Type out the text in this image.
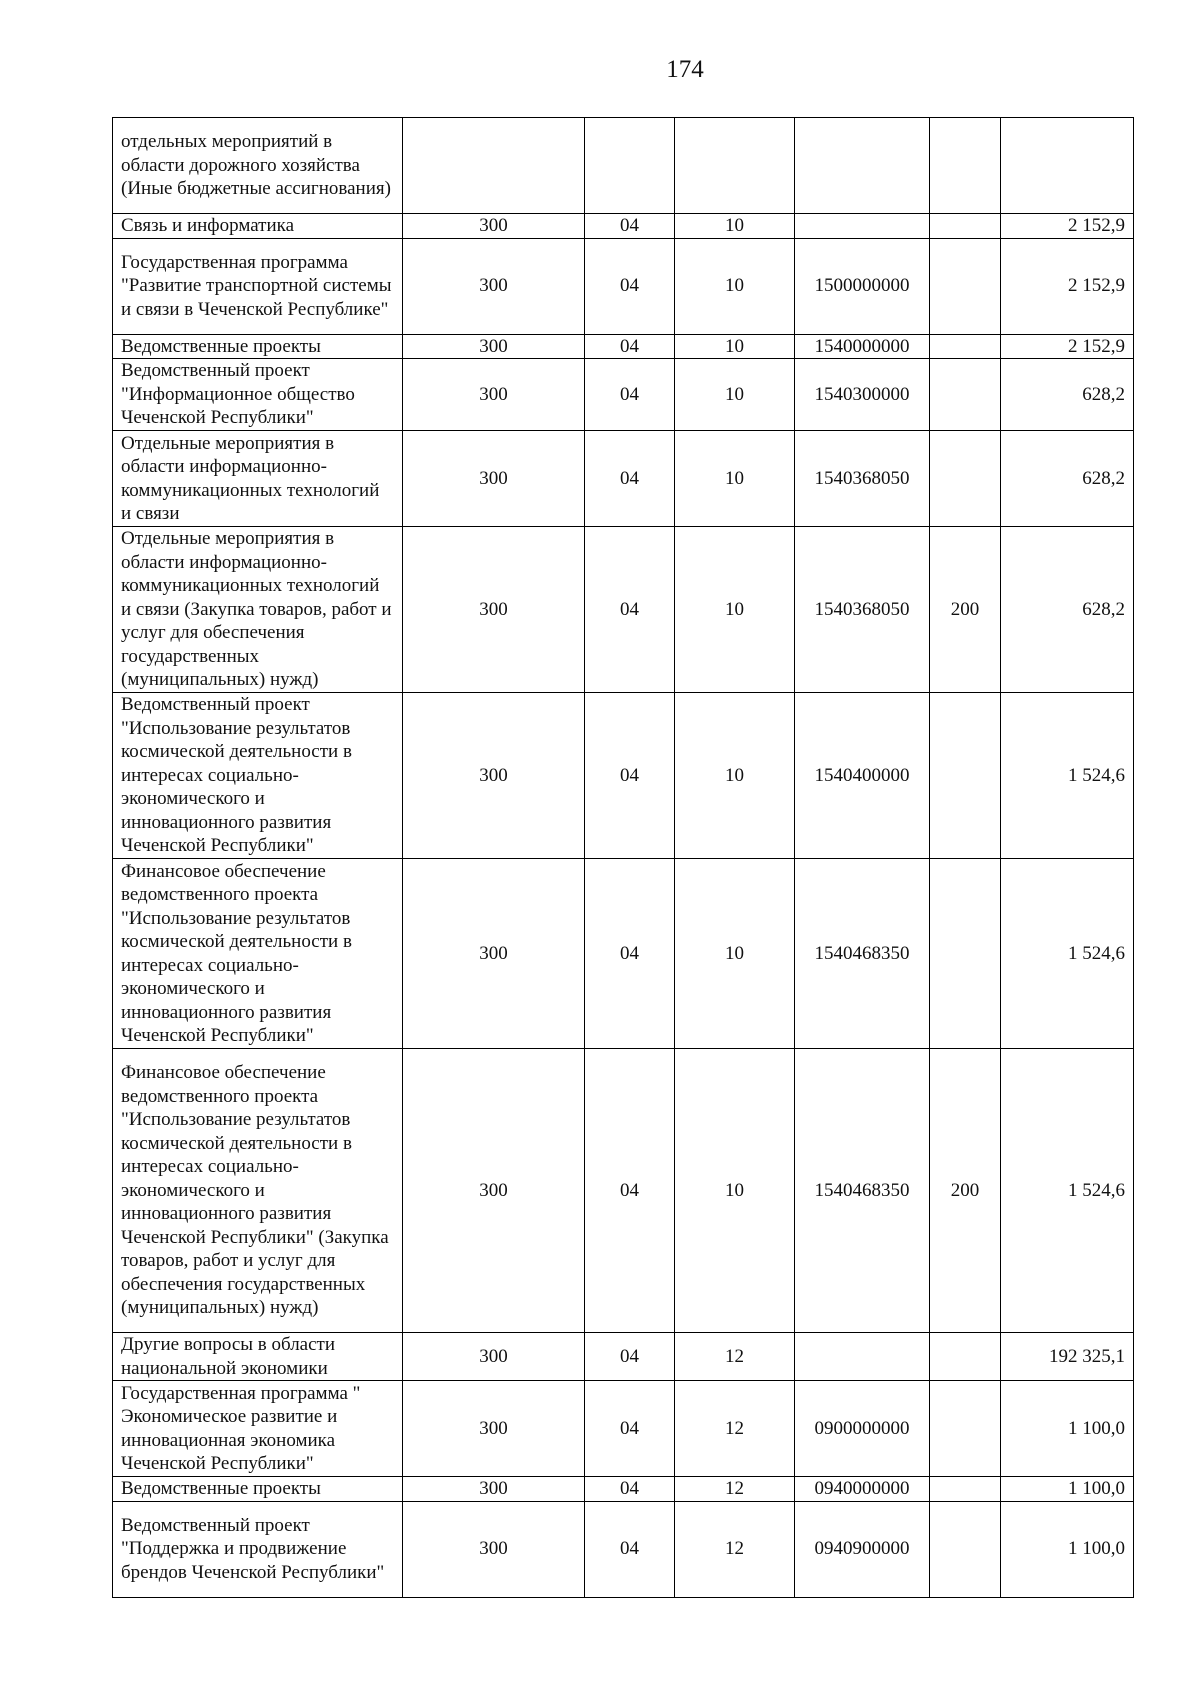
174
отдельных мероприятий в области дорожного хозяйства (Иные бюджетные ассигнования)						
Связь и информатика	300	04	10			2 152,9
Государственная программа "Развитие транспортной системы и связи в Чеченской Республике"	300	04	10	1500000000		2 152,9
Ведомственные проекты	300	04	10	1540000000		2 152,9
Ведомственный проект "Информационное общество Чеченской Республики"	300	04	10	1540300000		628,2
Отдельные мероприятия в области информационно-коммуникационных технологий и связи	300	04	10	1540368050		628,2
Отдельные мероприятия в области информационно-коммуникационных технологий и связи (Закупка товаров, работ и услуг для обеспечения государственных (муниципальных) нужд)	300	04	10	1540368050	200	628,2
Ведомственный проект "Использование результатов космической деятельности в интересах социально-экономического и инновационного развития Чеченской Республики"	300	04	10	1540400000		1 524,6
Финансовое обеспечение ведомственного проекта "Использование результатов космической деятельности в интересах социально-экономического и инновационного развития Чеченской Республики"	300	04	10	1540468350		1 524,6
Финансовое обеспечение ведомственного проекта "Использование результатов космической деятельности в интересах социально-экономического и инновационного развития Чеченской Республики" (Закупка товаров, работ и услуг для обеспечения государственных (муниципальных) нужд)	300	04	10	1540468350	200	1 524,6
Другие вопросы в области национальной экономики	300	04	12			192 325,1
Государственная программа " Экономическое развитие и инновационная экономика Чеченской Республики"	300	04	12	0900000000		1 100,0
Ведомственные проекты	300	04	12	0940000000		1 100,0
Ведомственный проект "Поддержка и продвижение брендов Чеченской Республики"	300	04	12	0940900000		1 100,0
